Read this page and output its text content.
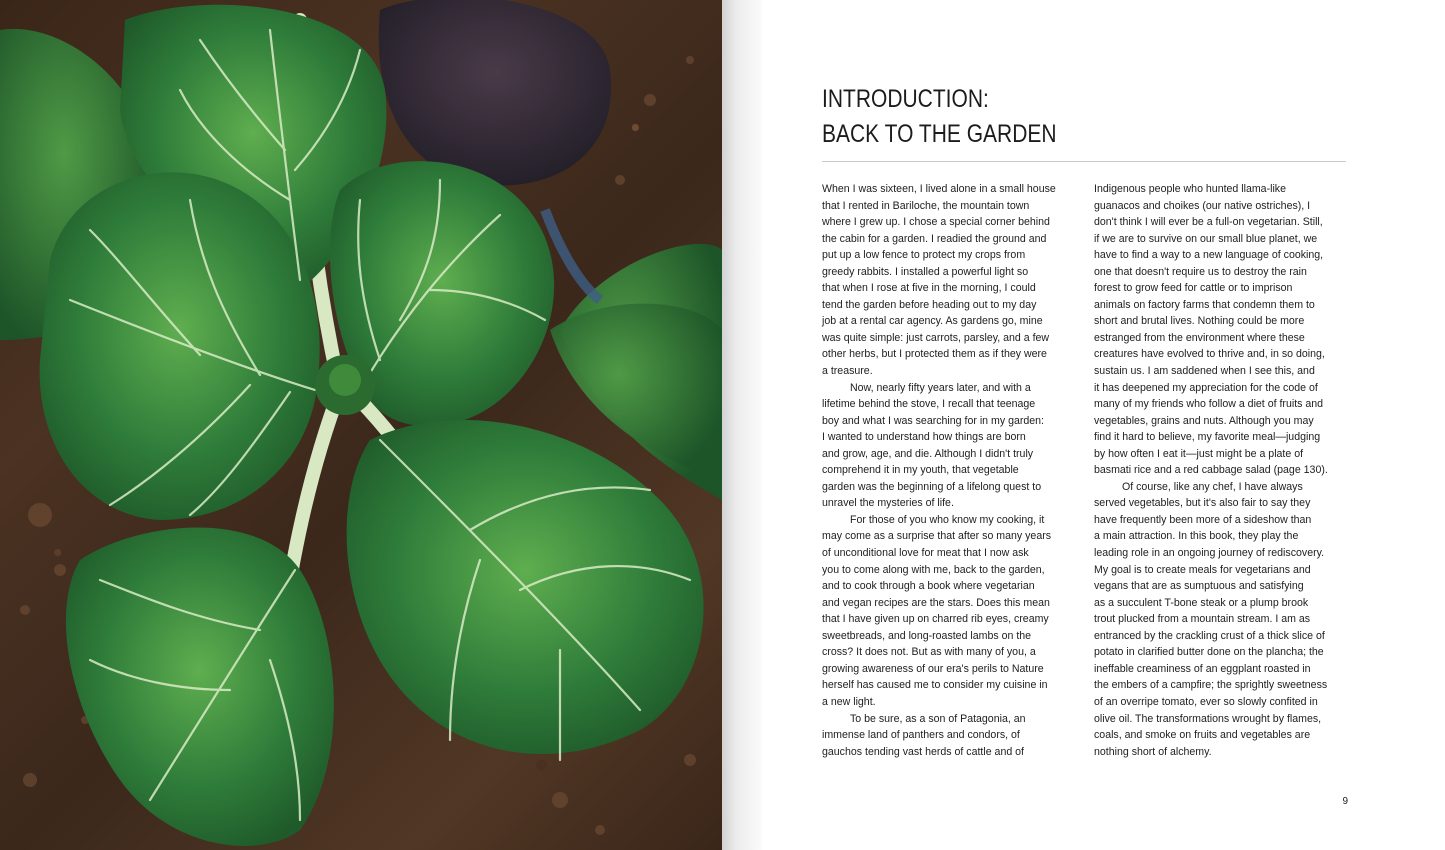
INTRODUCTION:
BACK TO THE GARDEN
When I was sixteen, I lived alone in a small house
that I rented in Bariloche, the mountain town
where I grew up. I chose a special corner behind
the cabin for a garden. I readied the ground and
put up a low fence to protect my crops from
greedy rabbits. I installed a powerful light so
that when I rose at five in the morning, I could
tend the garden before heading out to my day
job at a rental car agency. As gardens go, mine
was quite simple: just carrots, parsley, and a few
other herbs, but I protected them as if they were
a treasure.
Now, nearly fifty years later, and with a
lifetime behind the stove, I recall that teenage
boy and what I was searching for in my garden:
I wanted to understand how things are born
and grow, age, and die. Although I didn't truly
comprehend it in my youth, that vegetable
garden was the beginning of a lifelong quest to
unravel the mysteries of life.
For those of you who know my cooking, it
may come as a surprise that after so many years
of unconditional love for meat that I now ask
you to come along with me, back to the garden,
and to cook through a book where vegetarian
and vegan recipes are the stars. Does this mean
that I have given up on charred rib eyes, creamy
sweetbreads, and long-roasted lambs on the
cross? It does not. But as with many of you, a
growing awareness of our era's perils to Nature
herself has caused me to consider my cuisine in
a new light.
To be sure, as a son of Patagonia, an
immense land of panthers and condors, of
gauchos tending vast herds of cattle and of
Indigenous people who hunted llama-like
guanacos and choikes (our native ostriches), I
don't think I will ever be a full-on vegetarian. Still,
if we are to survive on our small blue planet, we
have to find a way to a new language of cooking,
one that doesn't require us to destroy the rain
forest to grow feed for cattle or to imprison
animals on factory farms that condemn them to
short and brutal lives. Nothing could be more
estranged from the environment where these
creatures have evolved to thrive and, in so doing,
sustain us. I am saddened when I see this, and
it has deepened my appreciation for the code of
many of my friends who follow a diet of fruits and
vegetables, grains and nuts. Although you may
find it hard to believe, my favorite meal—judging
by how often I eat it—just might be a plate of
basmati rice and a red cabbage salad (page 130).
Of course, like any chef, I have always
served vegetables, but it's also fair to say they
have frequently been more of a sideshow than
a main attraction. In this book, they play the
leading role in an ongoing journey of rediscovery.
My goal is to create meals for vegetarians and
vegans that are as sumptuous and satisfying
as a succulent T-bone steak or a plump brook
trout plucked from a mountain stream. I am as
entranced by the crackling crust of a thick slice of
potato in clarified butter done on the plancha; the
ineffable creaminess of an eggplant roasted in
the embers of a campfire; the sprightly sweetness
of an overripe tomato, ever so slowly confited in
olive oil. The transformations wrought by flames,
coals, and smoke on fruits and vegetables are
nothing short of alchemy.
9
